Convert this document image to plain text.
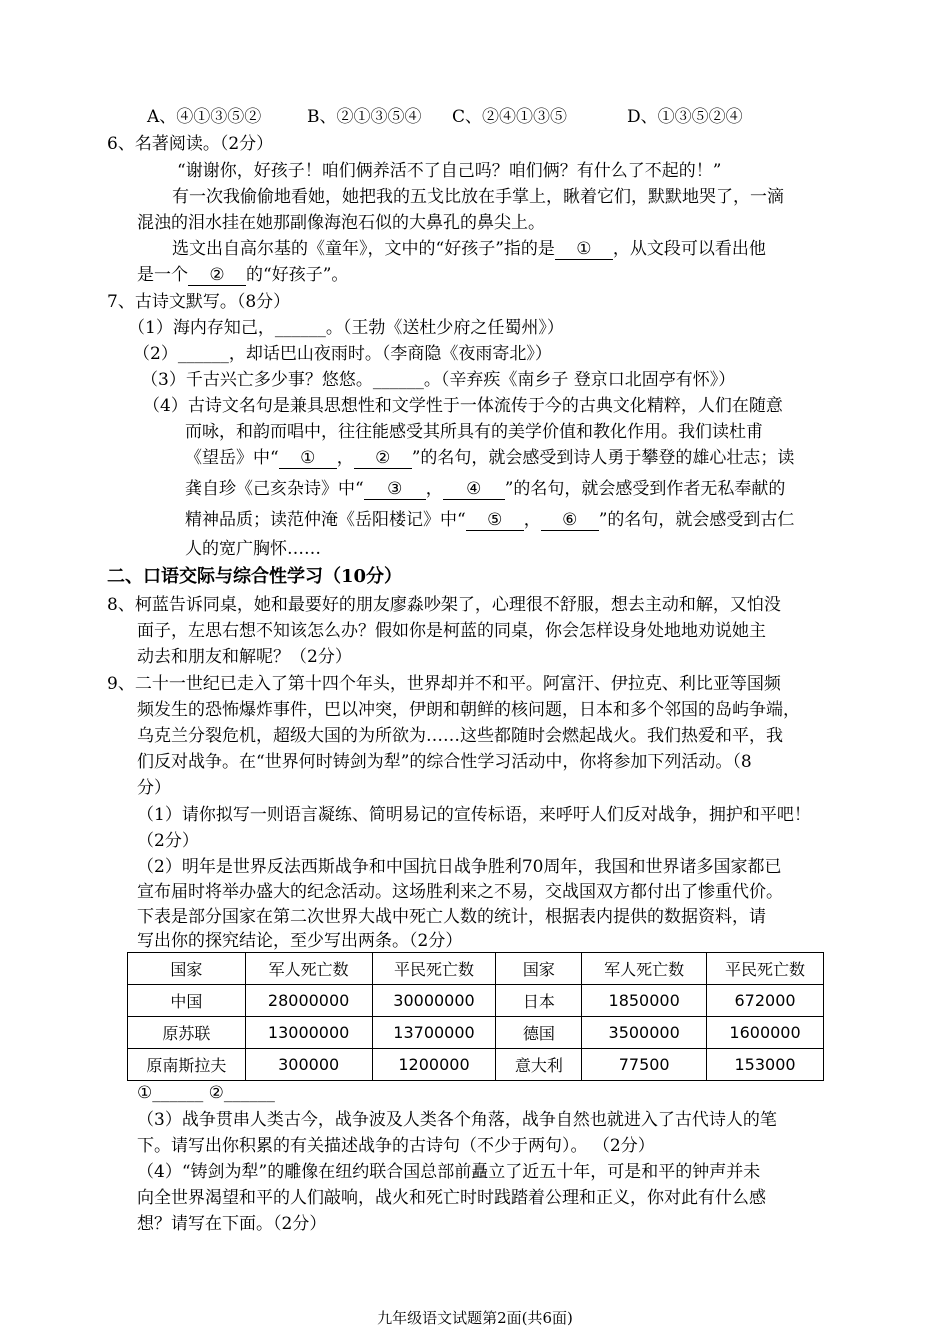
A、④①③⑤②	B、②①③⑤④ C、②④①③⑤	D、①③⑤②④
6、名著阅读。（2分）
“谢谢你，好孩子！咱们俩养活不了自己吗？咱们俩？有什么了不起的！”
有一次我偷偷地看她，她把我的五戈比放在手掌上，瞅着它们，默默地哭了，一滴
混浊的泪水挂在她那副像海泡石似的大鼻孔的鼻尖上。
选文出自高尔基的《童年》，文中的“好孩子”指的是 ① ，从文段可以看出他
是一个 ② 的“好孩子”。
7、古诗文默写。（8分）
（1）海内存知己，______。（王勃《送杜少府之任蜀州》）
（2）______，却话巴山夜雨时。（李商隐《夜雨寄北》）
（3）千古兴亡多少事？悠悠。______。（辛弃疾《南乡子 登京口北固亭有怀》）
（4）古诗文名句是兼具思想性和文学性于一体流传于今的古典文化精粹，人们在随意
而咏，和韵而唱中，往往能感受其所具有的美学价值和教化作用。我们读杜甫
《望岳》中“ ① ， ② ”的名句，就会感受到诗人勇于攀登的雄心壮志；读
龚自珍《己亥杂诗》中“ ③ ， ④ ”的名句，就会感受到作者无私奉献的
精神品质；读范仲淹《岳阳楼记》中“ ⑤ ， ⑥ ”的名句，就会感受到古仁
人的宽广胸怀……
二、口语交际与综合性学习（10分）
8、柯蓝告诉同桌，她和最要好的朋友廖淼吵架了，心理很不舒服，想去主动和解，又怕没
面子，左思右想不知该怎么办？假如你是柯蓝的同桌，你会怎样设身处地地劝说她主
动去和朋友和解呢？（2分）
9、二十一世纪已走入了第十四个年头，世界却并不和平。阿富汗、伊拉克、利比亚等国频
频发生的恐怖爆炸事件，巴以冲突，伊朗和朝鲜的核问题，日本和多个邻国的岛屿争端，
乌克兰分裂危机，超级大国的为所欲为……这些都随时会燃起战火。我们热爱和平，我
们反对战争。在“世界何时铸剑为犁”的综合性学习活动中，你将参加下列活动。（8
分）
（1）请你拟写一则语言凝练、简明易记的宣传标语，来呼吁人们反对战争，拥护和平吧！
（2分）
（2）明年是世界反法西斯战争和中国抗日战争胜利70周年，我国和世界诸多国家都已
宣布届时将举办盛大的纪念活动。这场胜利来之不易，交战国双方都付出了惨重代价。
下表是部分国家在第二次世界大战中死亡人数的统计，根据表内提供的数据资料，请
写出你的探究结论，至少写出两条。（2分）
国家	军人死亡数	平民死亡数	国家	军人死亡数	平民死亡数
中国	28000000	30000000	日本	1850000	672000
原苏联	13000000	13700000	德国	3500000	1600000
原南斯拉夫	300000	1200000	意大利	77500	153000
①______ ②______
（3）战争贯串人类古今，战争波及人类各个角落，战争自然也就进入了古代诗人的笔
下。请写出你积累的有关描述战争的古诗句（不少于两句）。 （2分）
（4）“铸剑为犁”的雕像在纽约联合国总部前矗立了近五十年，可是和平的钟声并未
向全世界渴望和平的人们敲响，战火和死亡时时践踏着公理和正义，你对此有什么感
想？请写在下面。（2分）
九年级语文试题第2面(共6面)
